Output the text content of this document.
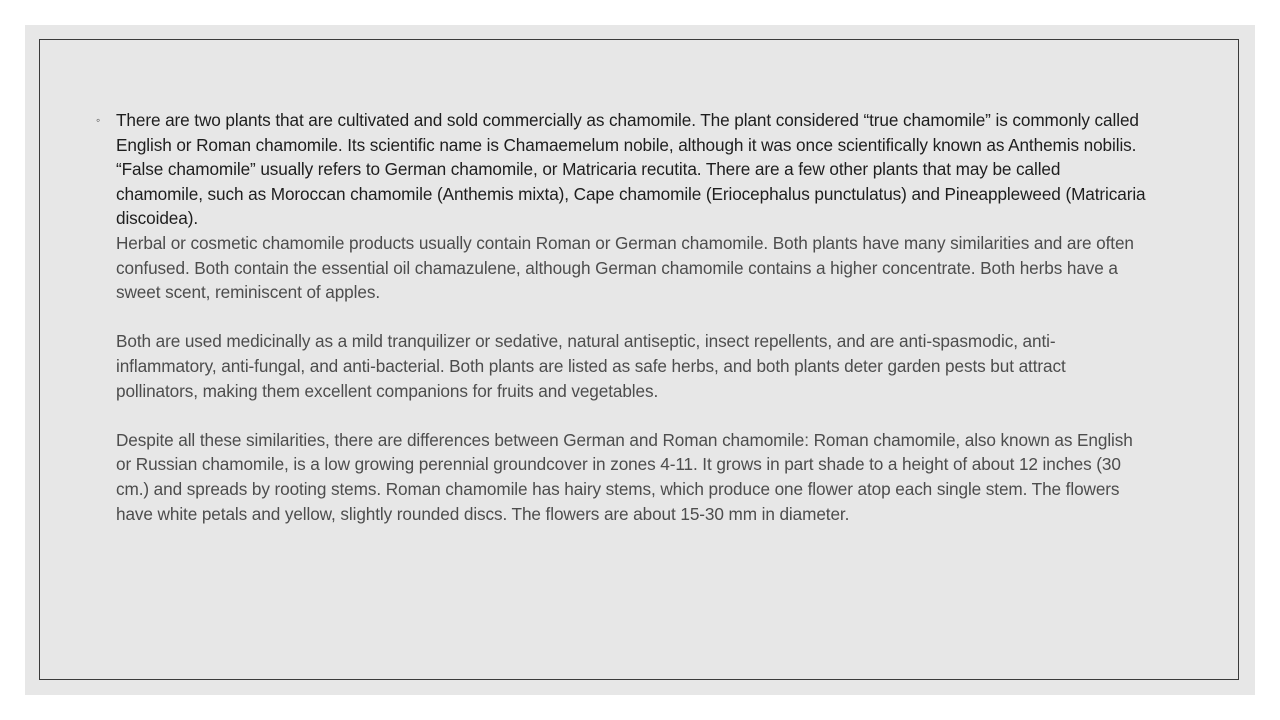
◦ There are two plants that are cultivated and sold commercially as chamomile. The plant considered “true chamomile” is commonly called English or Roman chamomile. Its scientific name is Chamaemelum nobile, although it was once scientifically known as Anthemis nobilis. “False chamomile” usually refers to German chamomile, or Matricaria recutita. There are a few other plants that may be called chamomile, such as Moroccan chamomile (Anthemis mixta), Cape chamomile (Eriocephalus punctulatus) and Pineappleweed (Matricaria discoidea).

Herbal or cosmetic chamomile products usually contain Roman or German chamomile. Both plants have many similarities and are often confused. Both contain the essential oil chamazulene, although German chamomile contains a higher concentrate. Both herbs have a sweet scent, reminiscent of apples.

Both are used medicinally as a mild tranquilizer or sedative, natural antiseptic, insect repellents, and are anti-spasmodic, anti-inflammatory, anti-fungal, and anti-bacterial. Both plants are listed as safe herbs, and both plants deter garden pests but attract pollinators, making them excellent companions for fruits and vegetables.

Despite all these similarities, there are differences between German and Roman chamomile: Roman chamomile, also known as English or Russian chamomile, is a low growing perennial groundcover in zones 4-11. It grows in part shade to a height of about 12 inches (30 cm.) and spreads by rooting stems. Roman chamomile has hairy stems, which produce one flower atop each single stem. The flowers have white petals and yellow, slightly rounded discs. The flowers are about 15-30 mm in diameter.
